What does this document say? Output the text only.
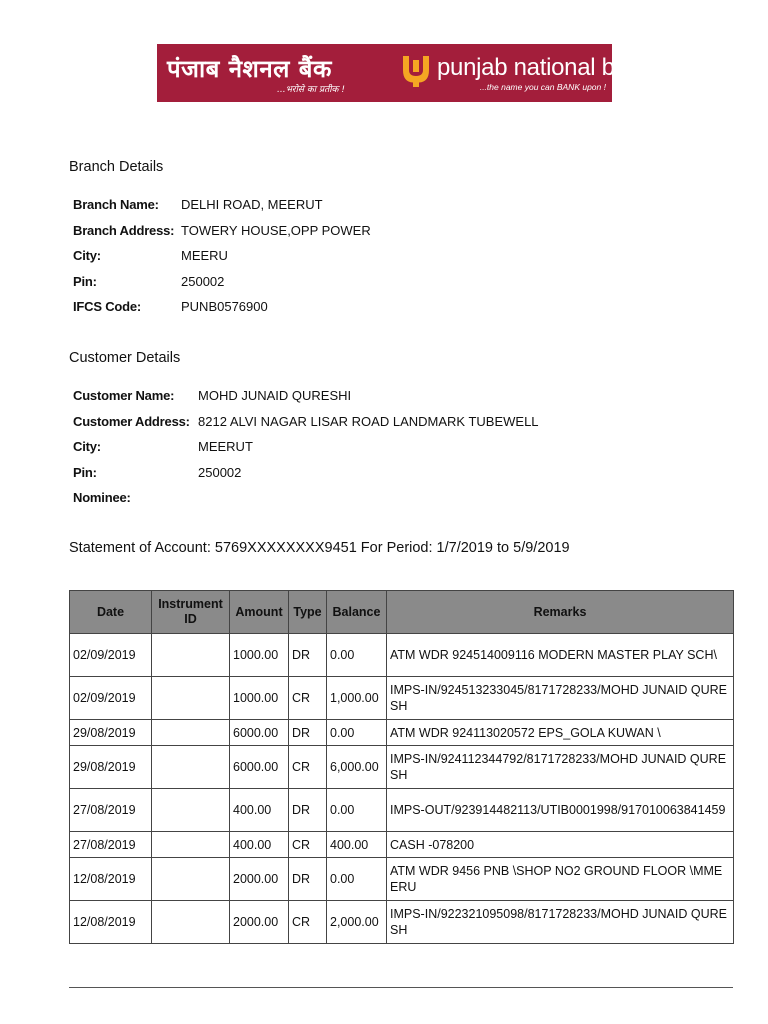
पंजाब नैशनल बैंक
...भरोसे का प्रतीक !
punjab national bank
...the name you can BANK upon !
Branch Details
Branch Name:	DELHI ROAD, MEERUT
Branch Address: TOWERY HOUSE,OPP POWER
City:	MEERU
Pin:	250002
IFCS Code:	PUNB0576900
Customer Details
Customer Name:	MOHD JUNAID QURESHI
Customer Address: 8212 ALVI NAGAR LISAR ROAD LANDMARK TUBEWELL
City:	MEERUT
Pin:	250002
Nominee:
Statement of Account: 5769XXXXXXXX9451 For Period: 1/7/2019 to 5/9/2019
Date	Instrument ID	Amount	Type	Balance	Remarks
02/09/2019		1000.00	DR	0.00	ATM WDR 924514009116 MODERN MASTER PLAY SCH\
02/09/2019		1000.00	CR	1,000.00	IMPS-IN/924513233045/8171728233/MOHD JUNAID QURESH
29/08/2019		6000.00	DR	0.00	ATM WDR 924113020572 EPS_GOLA KUWAN \
29/08/2019		6000.00	CR	6,000.00	IMPS-IN/924112344792/8171728233/MOHD JUNAID QURESH
27/08/2019		400.00	DR	0.00	IMPS-OUT/923914482113/UTIB0001998/917010063841459
27/08/2019		400.00	CR	400.00	CASH -078200
12/08/2019		2000.00	DR	0.00	ATM WDR 9456 PNB \SHOP NO2 GROUND FLOOR \MMEERU
12/08/2019		2000.00	CR	2,000.00	IMPS-IN/922321095098/8171728233/MOHD JUNAID QURESH
